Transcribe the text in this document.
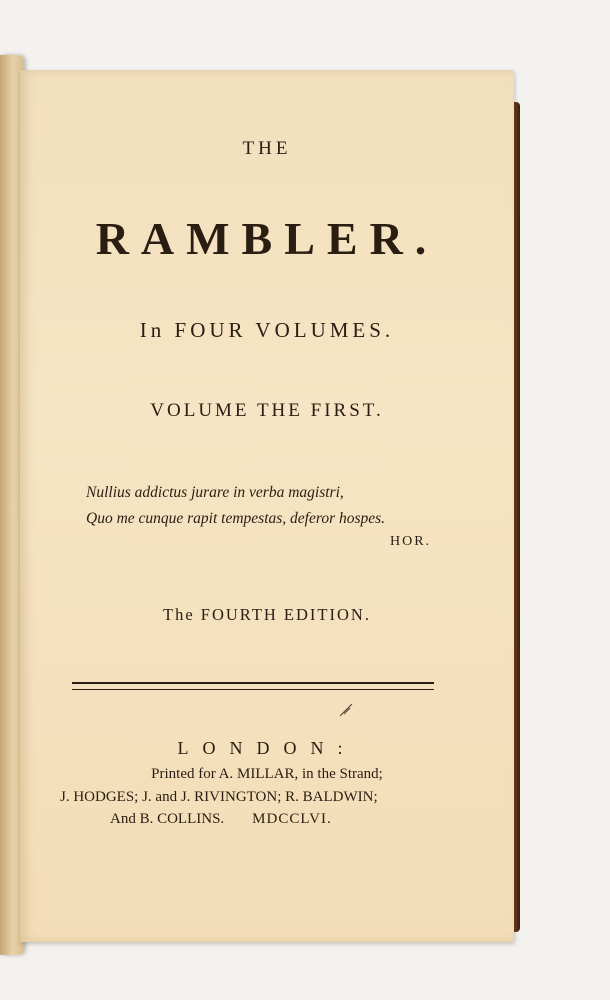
THE
RAMBLER.
In FOUR VOLUMES.
VOLUME THE FIRST.
Nullius addictus jurare in verba magistri,
Quo me cunque rapit tempestas, deferor hospes.
HOR.
The FOURTH EDITION.
LONDON:
Printed for A. MILLAR, in the Strand;
J. HODGES; J. and J. RIVINGTON; R. BALDWIN;
And B. COLLINS. MDCCLVI.
